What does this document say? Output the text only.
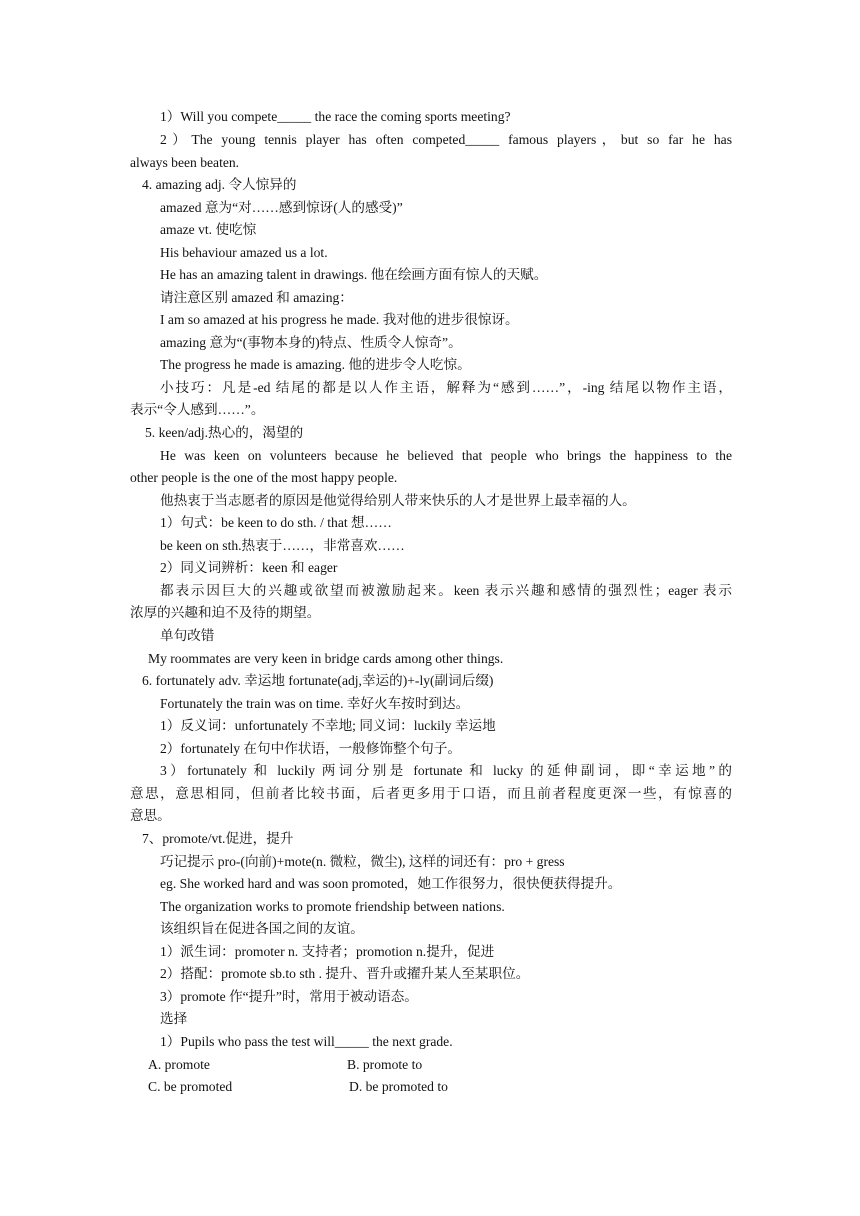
1）Will you compete_____ the race the coming sports meeting?

2）The young tennis player has often competed_____ famous players，but so far he has

always been beaten.

4. amazing adj. 令人惊异的

amazed 意为“对……感到惊讶(人的感受)”

amaze vt. 使吃惊

His behaviour amazed us a lot.

He has an amazing talent in drawings. 他在绘画方面有惊人的天赋。

请注意区别 amazed 和 amazing：

I am so amazed at his progress he made. 我对他的进步很惊讶。

amazing 意为“(事物本身的)特点、性质令人惊奇”。

The progress he made is amazing. 他的进步令人吃惊。

小技巧：凡是-ed 结尾的都是以人作主语，解释为“感到……”，-ing 结尾以物作主语，

表示“令人感到……”。

5. keen/adj.热心的，渴望的

He was keen on volunteers because he believed that people who brings the happiness to the

other people is the one of the most happy people.

他热衷于当志愿者的原因是他觉得给别人带来快乐的人才是世界上最幸福的人。

1）句式：be keen to do sth. / that 想……

be keen on sth.热衷于……，非常喜欢……

2）同义词辨析：keen 和 eager

都表示因巨大的兴趣或欲望而被激励起来。keen 表示兴趣和感情的强烈性；eager 表示

浓厚的兴趣和迫不及待的期望。

单句改错

My roommates are very keen in bridge cards among other things.

6. fortunately adv. 幸运地 fortunate(adj,幸运的)+-ly(副词后缀)

Fortunately the train was on time. 幸好火车按时到达。

1）反义词：unfortunately 不幸地; 同义词：luckily 幸运地

2）fortunately 在句中作状语，一般修饰整个句子。

3）fortunately 和 luckily 两词分别是 fortunate 和 lucky 的延伸副词，即“幸运地”的

意思，意思相同，但前者比较书面，后者更多用于口语，而且前者程度更深一些，有惊喜的

意思。

7、promote/vt.促进，提升

巧记提示 pro-(向前)+mote(n. 微粒，微尘), 这样的词还有：pro + gress

eg. She worked hard and was soon promoted，她工作很努力，很快便获得提升。

The organization works to promote friendship between nations.

该组织旨在促进各国之间的友谊。

1）派生词：promoter n. 支持者；promotion n.提升，促进

2）搭配：promote sb.to sth . 提升、晋升或擢升某人至某职位。

3）promote 作“提升”时，常用于被动语态。

选择

1）Pupils who pass the test will_____ the next grade.

A. promote	B. promote to
C. be promoted	D. be promoted to
